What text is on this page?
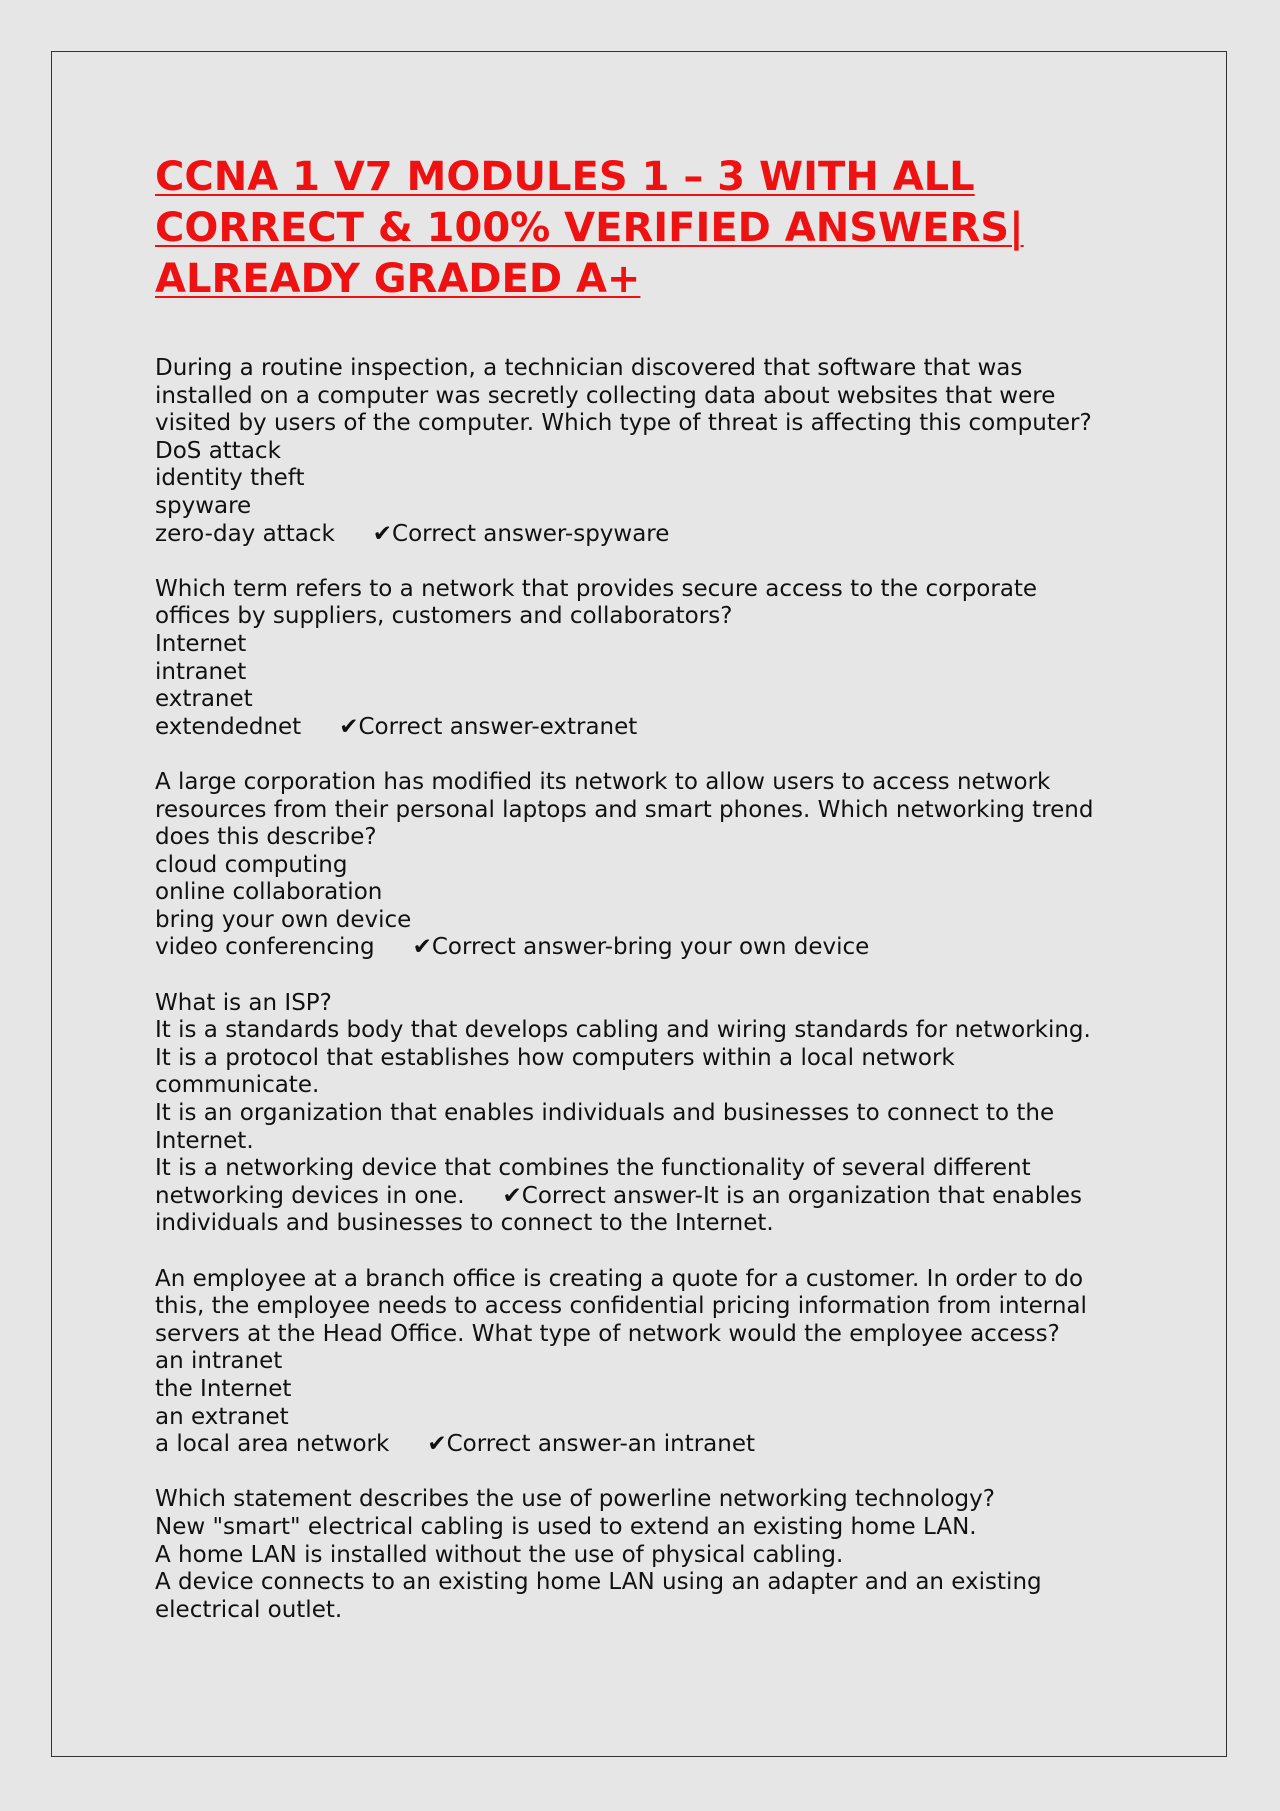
CCNA 1 V7 MODULES 1 – 3 WITH ALL
CORRECT & 100% VERIFIED ANSWERS|
ALREADY GRADED A+
During a routine inspection, a technician discovered that software that was
installed on a computer was secretly collecting data about websites that were
visited by users of the computer. Which type of threat is affecting this computer?
DoS attack
identity theft
spyware
zero-day attack ✔Correct answer-spyware
Which term refers to a network that provides secure access to the corporate
offices by suppliers, customers and collaborators?
Internet
intranet
extranet
extendednet ✔Correct answer-extranet
A large corporation has modified its network to allow users to access network
resources from their personal laptops and smart phones. Which networking trend
does this describe?
cloud computing
online collaboration
bring your own device
video conferencing ✔Correct answer-bring your own device
What is an ISP?
It is a standards body that develops cabling and wiring standards for networking.
It is a protocol that establishes how computers within a local network
communicate.
It is an organization that enables individuals and businesses to connect to the
Internet.
It is a networking device that combines the functionality of several different
networking devices in one. ✔Correct answer-It is an organization that enables
individuals and businesses to connect to the Internet.
An employee at a branch office is creating a quote for a customer. In order to do
this, the employee needs to access confidential pricing information from internal
servers at the Head Office. What type of network would the employee access?
an intranet
the Internet
an extranet
a local area network ✔Correct answer-an intranet
Which statement describes the use of powerline networking technology?
New "smart" electrical cabling is used to extend an existing home LAN.
A home LAN is installed without the use of physical cabling.
A device connects to an existing home LAN using an adapter and an existing
electrical outlet.
